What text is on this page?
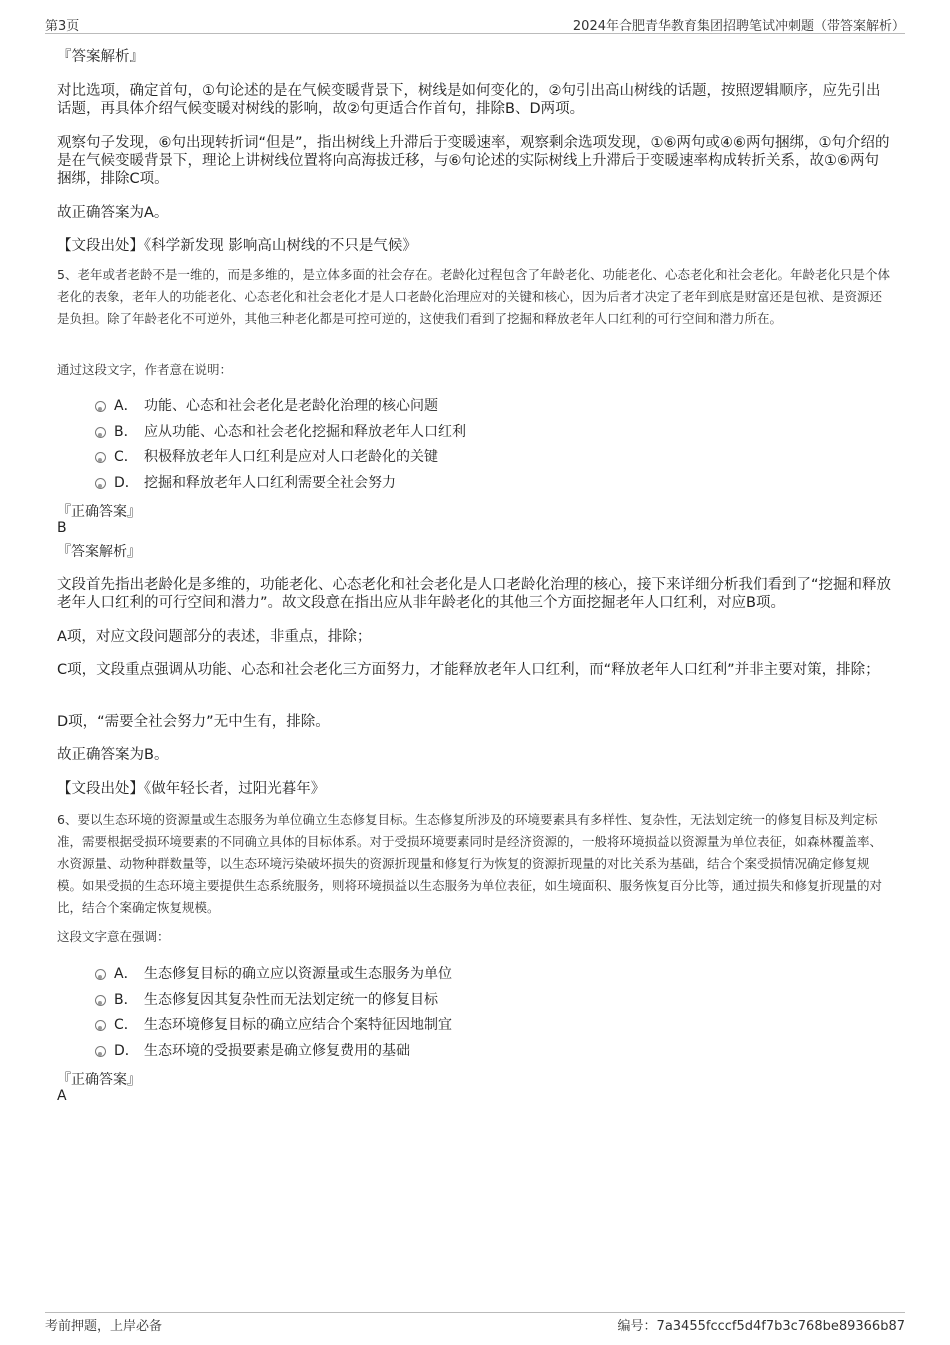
第3页	2024年合肥青华教育集团招聘笔试冲刺题（带答案解析）
『答案解析』
对比选项，确定首句，①句论述的是在气候变暖背景下，树线是如何变化的，②句引出高山树线的话题，按照逻辑顺序，应先引出话题，再具体介绍气候变暖对树线的影响，故②句更适合作首句，排除B、D两项。
观察句子发现，⑥句出现转折词“但是”，指出树线上升滞后于变暖速率，观察剩余选项发现，①⑥两句或④⑥两句捆绑，①句介绍的是在气候变暖背景下，理论上讲树线位置将向高海拔迁移，与⑥句论述的实际树线上升滞后于变暖速率构成转折关系，故①⑥两句捆绑，排除C项。
故正确答案为A。
【文段出处】《科学新发现 影响高山树线的不只是气候》
5、老年或者老龄不是一维的，而是多维的，是立体多面的社会存在。老龄化过程包含了年龄老化、功能老化、心态老化和社会老化。年龄老化只是个体老化的表象，老年人的功能老化、心态老化和社会老化才是人口老龄化治理应对的关键和核心，因为后者才决定了老年到底是财富还是包袱、是资源还是负担。除了年龄老化不可逆外，其他三种老化都是可控可逆的，这使我们看到了挖掘和释放老年人口红利的可行空间和潜力所在。
通过这段文字，作者意在说明：
A． 功能、心态和社会老化是老龄化治理的核心问题
B． 应从功能、心态和社会老化挖掘和释放老年人口红利
C． 积极释放老年人口红利是应对人口老龄化的关键
D． 挖掘和释放老年人口红利需要全社会努力
『正确答案』
B
『答案解析』
文段首先指出老龄化是多维的，功能老化、心态老化和社会老化是人口老龄化治理的核心，接下来详细分析我们看到了“挖掘和释放老年人口红利的可行空间和潜力”。故文段意在指出应从非年龄老化的其他三个方面挖掘老年人口红利，对应B项。
A项，对应文段问题部分的表述，非重点，排除；
C项，文段重点强调从功能、心态和社会老化三方面努力，才能释放老年人口红利，而“释放老年人口红利”并非主要对策，排除；
D项，“需要全社会努力”无中生有，排除。
故正确答案为B。
【文段出处】《做年轻长者，过阳光暮年》
6、要以生态环境的资源量或生态服务为单位确立生态修复目标。生态修复所涉及的环境要素具有多样性、复杂性，无法划定统一的修复目标及判定标准，需要根据受损环境要素的不同确立具体的目标体系。对于受损环境要素同时是经济资源的，一般将环境损益以资源量为单位表征，如森林覆盖率、水资源量、动物种群数量等，以生态环境污染破坏损失的资源折现量和修复行为恢复的资源折现量的对比关系为基础，结合个案受损情况确定修复规模。如果受损的生态环境主要提供生态系统服务，则将环境损益以生态服务为单位表征，如生境面积、服务恢复百分比等，通过损失和修复折现量的对比，结合个案确定恢复规模。
这段文字意在强调：
A． 生态修复目标的确立应以资源量或生态服务为单位
B． 生态修复因其复杂性而无法划定统一的修复目标
C． 生态环境修复目标的确立应结合个案特征因地制宜
D． 生态环境的受损要素是确立修复费用的基础
『正确答案』
A
考前押题，上岸必备	编号：7a3455fcccf5d4f7b3c768be89366b87
